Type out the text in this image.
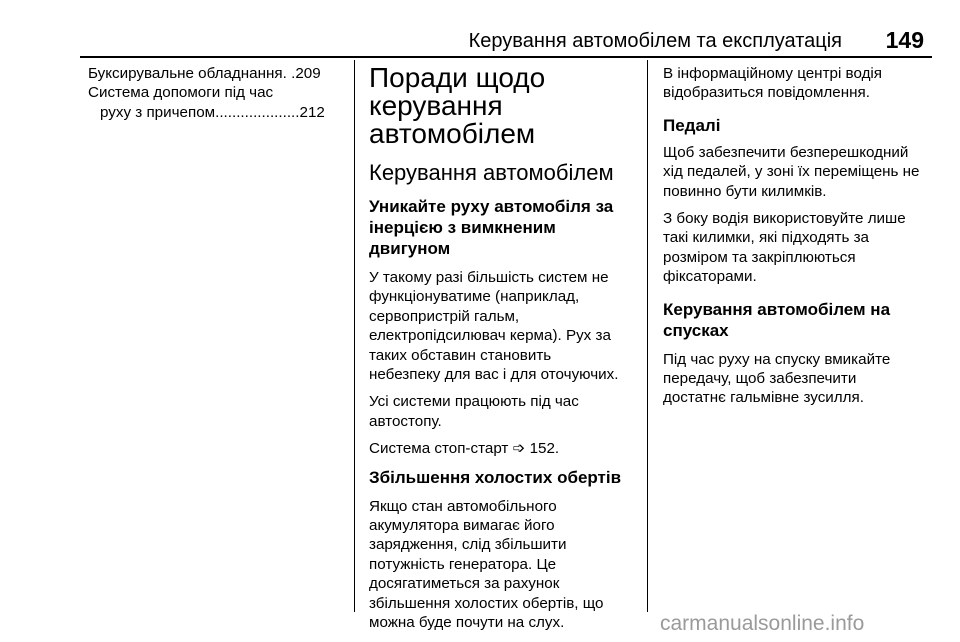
Керування автомобілем та експлуатація 149
Буксирувальне обладнання . . 209
Система допомоги під час
руху з причепом .................... 212
Поради щодо
керування
автомобілем
Керування автомобілем
Уникайте руху автомобіля за
інерцією з вимкненим двигуном
У такому разі більшість систем не
функціонуватиме (наприклад,
сервопристрій гальм,
електропідсилювач керма). Рух за
таких обставин становить
небезпеку для вас і для оточуючих.
Усі системи працюють під час
автостопу.
Система стоп-старт ➩ 152.
Збільшення холостих обертів
Якщо стан автомобільного
акумулятора вимагає його
зарядження, слід збільшити
потужність генератора. Це
досягатиметься за рахунок
збільшення холостих обертів, що
можна буде почути на слух.
В інформаційному центрі водія
відобразиться повідомлення.
Педалі
Щоб забезпечити безперешкодний
хід педалей, у зоні їх переміщень не
повинно бути килимків.
З боку водія використовуйте лише
такі килимки, які підходять за
розміром та закріплюються
фіксаторами.
Керування автомобілем на
спусках
Під час руху на спуску вмикайте
передачу, щоб забезпечити
достатнє гальмівне зусилля.
carmanualsonline.info
